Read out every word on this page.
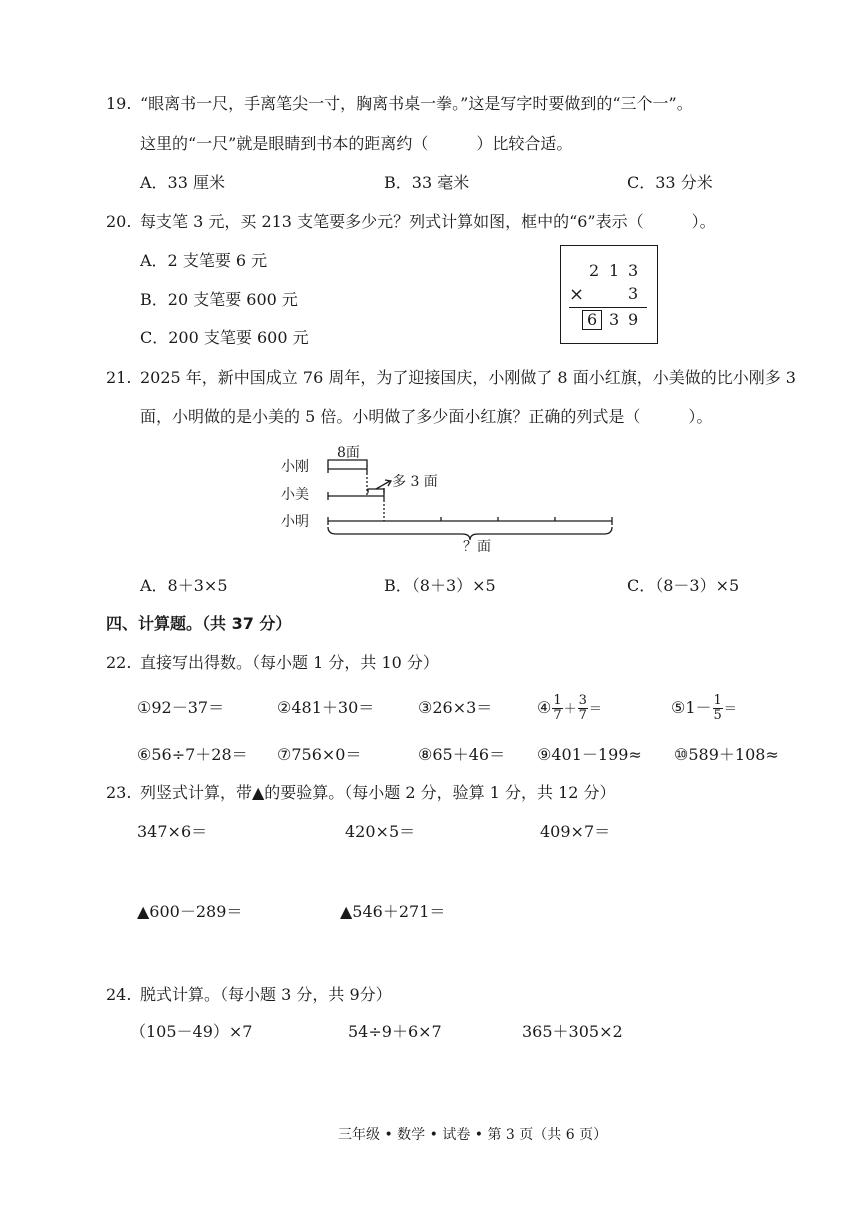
19. “眼离书一尺，手离笔尖一寸，胸离书桌一拳。”这是写字时要做到的“三个一”。
这里的“一尺”就是眼睛到书本的距离约（　　　）比较合适。
A．33 厘米	B．33 毫米	C．33 分米
20. 每支笔 3 元，买 213 支笔要多少元？列式计算如图，框中的“6”表示（　　　）。
A．2 支笔要 6 元
B．20 支笔要 600 元
C．200 支笔要 600 元
2 1 3
×	3
6 3 9
21. 2025 年，新中国成立 76 周年，为了迎接国庆，小刚做了 8 面小红旗，小美做的比小刚多 3
面，小明做的是小美的 5 倍。小明做了多少面小红旗？正确的列式是（　　　）。
小刚
小美
小明
8面
多 3 面
？面
A．8＋3×5	B．（8＋3）×5	C．（8－3）×5
四、计算题。（共 37 分）
22. 直接写出得数。（每小题 1 分，共 10 分）
①92－37＝	②481＋30＝	③26×3＝	④ $\frac{1}{7} + \frac{3}{7}$ ＝	⑤1－ $\frac{1}{5}$ ＝
⑥56÷7＋28＝ ⑦756×0＝	⑧65＋46＝ ⑨401－199≈ ⑩589＋108≈
23. 列竖式计算，带▲的要验算。（每小题 2 分，验算 1 分，共 12 分）
347×6＝	420×5＝	409×7＝
▲600－289＝	▲546＋271＝
24. 脱式计算。（每小题 3 分，共 9分）
（105－49）×7	54÷9＋6×7	365＋305×2
三年级 • 数学 • 试卷 • 第 3 页（共 6 页）
